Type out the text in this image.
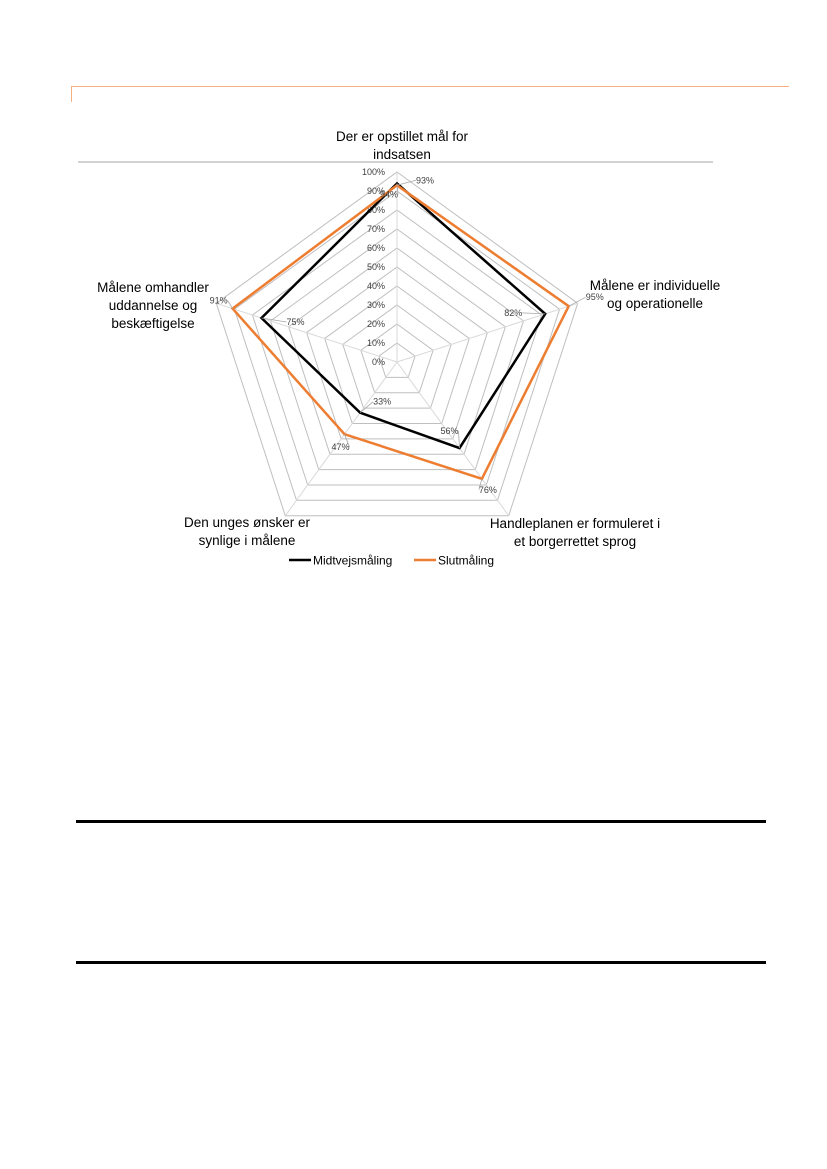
0%
10%
20%
30%
40%
50%
60%
70%
80%
90%
100%
94%
82%
56%
33%
75%
93%
95%
76%
47%
91%
Der er opstillet mål for indsatsen
Målene er individuelle og operationelle
Handleplanen er formuleret i et borgerrettet sprog
Den unges ønsker er synlige i målene
Målene omhandler uddannelse og beskæftigelse
Midtvejsmåling	Slutmåling
